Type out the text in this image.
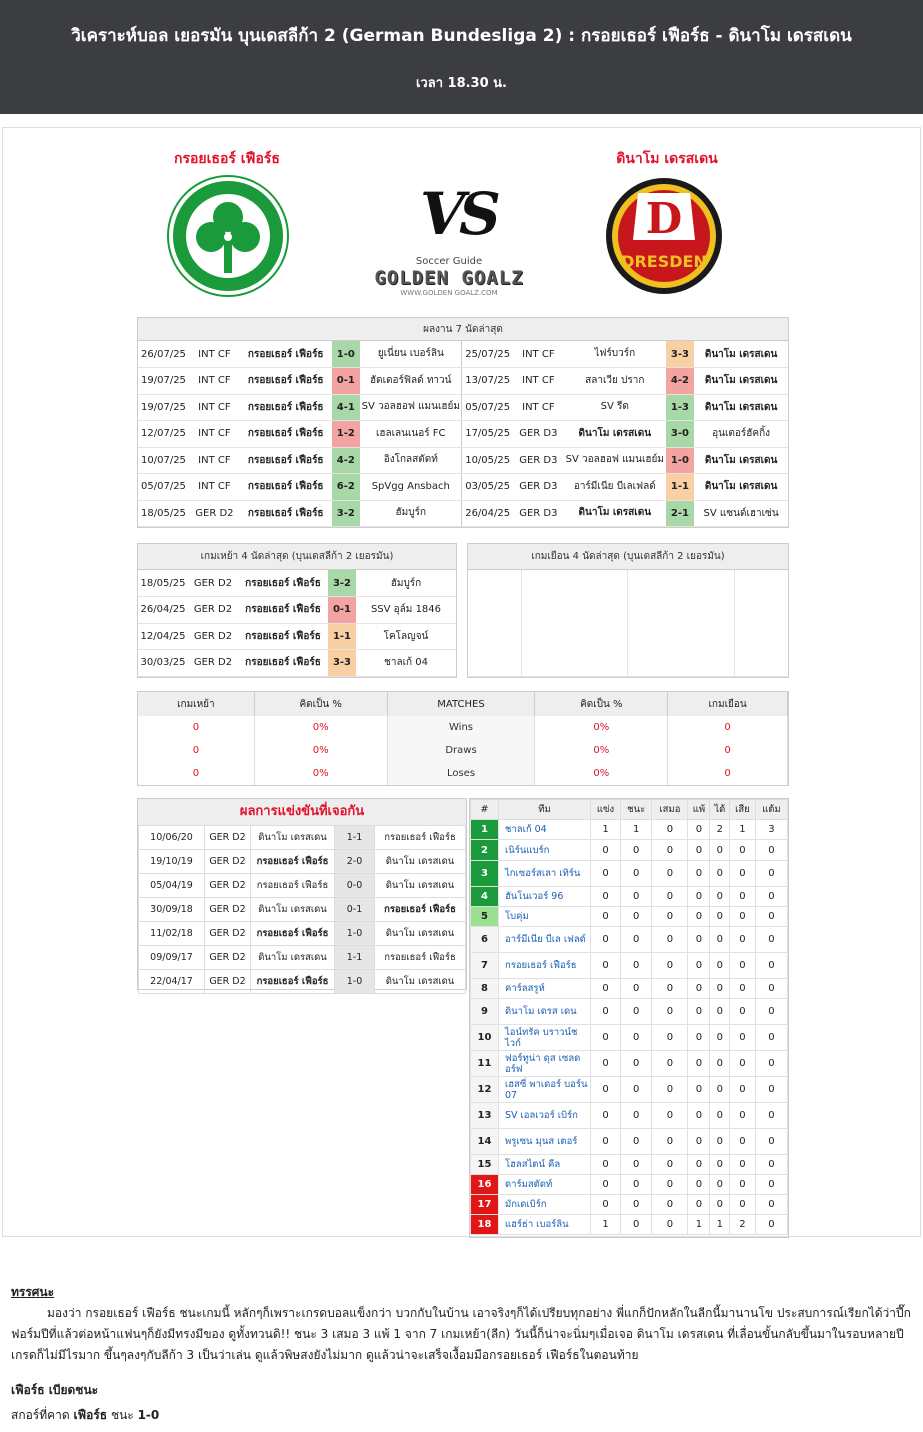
วิเคราะห์บอล เยอรมัน บุนเดสลีก้า 2 (German Bundesliga 2) : กรอยเธอร์ เฟือร์ธ - ดินาโม เดรสเดน
เวลา 18.30 น.
กรอยเธอร์ เฟือร์ธ	ดินาโม เดรสเดน
VS
Soccer Guide
GOLDEN GOALZ
WWW.GOLDEN GOALZ.COM
D
DRESDEN
ผลงาน 7 นัดล่าสุด
26/07/25	INT CF	กรอยเธอร์ เฟือร์ธ	1-0	ยูเนี่ยน เบอร์ลิน	25/07/25	INT CF	ไฟร์บวร์ก	3-3	ดินาโม เดรสเดน
19/07/25	INT CF	กรอยเธอร์ เฟือร์ธ	0-1	ฮัดเดอร์ฟิลด์ ทาวน์	13/07/25	INT CF	สลาเวีย ปราก	4-2	ดินาโม เดรสเดน
19/07/25	INT CF	กรอยเธอร์ เฟือร์ธ	4-1	SV วอลฮอฟ แมนเฮย์ม	05/07/25	INT CF	SV รีด	1-3	ดินาโม เดรสเดน
12/07/25	INT CF	กรอยเธอร์ เฟือร์ธ	1-2	เฮลเลนเนอร์ FC	17/05/25	GER D3	ดินาโม เดรสเดน	3-0	อุนเตอร์ฮัคกิ้ง
10/07/25	INT CF	กรอยเธอร์ เฟือร์ธ	4-2	อิงโกลสตัดท์	10/05/25	GER D3	SV วอลฮอฟ แมนเฮย์ม	1-0	ดินาโม เดรสเดน
05/07/25	INT CF	กรอยเธอร์ เฟือร์ธ	6-2	SpVgg Ansbach	03/05/25	GER D3	อาร์มีเนีย บีเลเฟลด์	1-1	ดินาโม เดรสเดน
18/05/25	GER D2	กรอยเธอร์ เฟือร์ธ	3-2	ฮัมบูร์ก	26/04/25	GER D3	ดินาโม เดรสเดน	2-1	SV แซนด์เฮาเซ่น
เกมเหย้า 4 นัดล่าสุด (บุนเดสลีก้า 2 เยอรมัน)
18/05/25	GER D2	กรอยเธอร์ เฟือร์ธ	3-2	ฮัมบูร์ก
26/04/25	GER D2	กรอยเธอร์ เฟือร์ธ	0-1	SSV อุล์ม 1846
12/04/25	GER D2	กรอยเธอร์ เฟือร์ธ	1-1	โคโลญจน์
30/03/25	GER D2	กรอยเธอร์ เฟือร์ธ	3-3	ชาลเก้ 04
เกมเยือน 4 นัดล่าสุด (บุนเดสลีก้า 2 เยอรมัน)

เกมเหย้า	คิดเป็น %	MATCHES	คิดเป็น %	เกมเยือน
0	0%	Wins	0%	0
0	0%	Draws	0%	0
0	0%	Loses	0%	0
ผลการแข่งขันที่เจอกัน
10/06/20	GER D2	ดินาโม เดรสเดน	1-1	กรอยเธอร์ เฟือร์ธ
19/10/19	GER D2	กรอยเธอร์ เฟือร์ธ	2-0	ดินาโม เดรสเดน
05/04/19	GER D2	กรอยเธอร์ เฟือร์ธ	0-0	ดินาโม เดรสเดน
30/09/18	GER D2	ดินาโม เดรสเดน	0-1	กรอยเธอร์ เฟือร์ธ
11/02/18	GER D2	กรอยเธอร์ เฟือร์ธ	1-0	ดินาโม เดรสเดน
09/09/17	GER D2	ดินาโม เดรสเดน	1-1	กรอยเธอร์ เฟือร์ธ
22/04/17	GER D2	กรอยเธอร์ เฟือร์ธ	1-0	ดินาโม เดรสเดน
#	ทีม	แข่ง	ชนะ	เสมอ	แพ้	ได้	เสีย	แต้ม
1	ชาลเก้ 04	1	1	0	0	2	1	3
2	เนิร์นแบร์ก	0	0	0	0	0	0	0
3	ไกเซอร์สเลา เทิร์น	0	0	0	0	0	0	0
4	ฮันโนเวอร์ 96	0	0	0	0	0	0	0
5	โบคุ่ม	0	0	0	0	0	0	0
6	อาร์มีเนีย บีเล เฟลด์	0	0	0	0	0	0	0
7	กรอยเธอร์ เฟือร์ธ	0	0	0	0	0	0	0
8	คาร์ลสรูห์	0	0	0	0	0	0	0
9	ดินาโม เดรส เดน	0	0	0	0	0	0	0
10	ไอน์ทรัค บราวน์ชไวก์	0	0	0	0	0	0	0
11	ฟอร์ทูน่า ดุส เซลดอร์ฟ	0	0	0	0	0	0	0
12	เฮสซี่ พาเดอร์ บอร์น 07	0	0	0	0	0	0	0
13	SV เอลเวอร์ เบิร์ก	0	0	0	0	0	0	0
14	พรูเซน มุนส เตอร์	0	0	0	0	0	0	0
15	โฮลสไตน์ คีล	0	0	0	0	0	0	0
16	ดาร์มสตัดท์	0	0	0	0	0	0	0
17	มักเดเบิร์ก	0	0	0	0	0	0	0
18	แฮร์ธ่า เบอร์ลิน	1	0	0	1	1	2	0
ทรรศนะ
มองว่า กรอยเธอร์ เฟือร์ธ ชนะเกมนี้ หลักๆก็เพราะเกรดบอลแข็งกว่า บวกกับในบ้าน เอาจริงๆก็ได้เปรียบทุกอย่าง พี่แกก็ปักหลักในลีกนี้มานานโข ประสบการณ์เรียกได้ว่าปึ๊ก ฟอร์มปีที่แล้วต่อหน้าแฟนๆก็ยังมีทรงมีของ ดูทั้งทวนดิ!! ชนะ 3 เสมอ 3 แพ้ 1 จาก 7 เกมเหย้า(ลีก) วันนี้ก็น่าจะนิ่มๆเมื่อเจอ ดินาโม เดรสเดน ที่เลื่อนขั้นกลับขึ้นมาในรอบหลายปี เกรดก็ไม่มีไรมาก ขึ้นๆลงๆกับลีก้า 3 เป็นว่าเล่น ดูแล้วพิษสงยังไม่มาก ดูแล้วน่าจะเสร็จเงื้อมมือกรอยเธอร์ เฟือร์ธในตอนท้าย
เฟือร์ธ เบียดชนะ
สกอร์ที่คาด เฟือร์ธ ชนะ 1-0
